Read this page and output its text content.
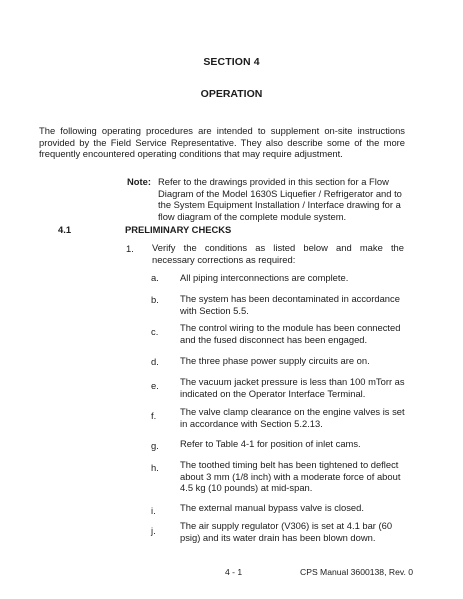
SECTION 4
OPERATION
The following operating procedures are intended to supplement on-site instructions provided by the Field Service Representative. They also describe some of the more frequently encountered operating conditions that may require adjustment.
Note: Refer to the drawings provided in this section for a Flow Diagram of the Model 1630S Liquefier / Refrigerator and to the System Equipment Installation / Interface drawing for a flow diagram of the complete module system.
4.1	PRELIMINARY CHECKS
1. Verify the conditions as listed below and make the necessary corrections as required:
a. All piping interconnections are complete.
b. The system has been decontaminated in accordance with Section 5.5.
c. The control wiring to the module has been connected and the fused disconnect has been engaged.
d. The three phase power supply circuits are on.
e. The vacuum jacket pressure is less than 100 mTorr as indicated on the Operator Interface Terminal.
f.	The valve clamp clearance on the engine valves is set in accordance with Section 5.2.13.
g. Refer to Table 4-1 for position of inlet cams.
h. The toothed timing belt has been tightened to deflect about 3 mm (1/8 inch) with a moderate force of about 4.5 kg (10 pounds) at mid-span.
i.	The external manual bypass valve is closed.
j.	The air supply regulator (V306) is set at 4.1 bar (60 psig) and its water drain has been blown down.
4 - 1	CPS Manual 3600138, Rev. 0
